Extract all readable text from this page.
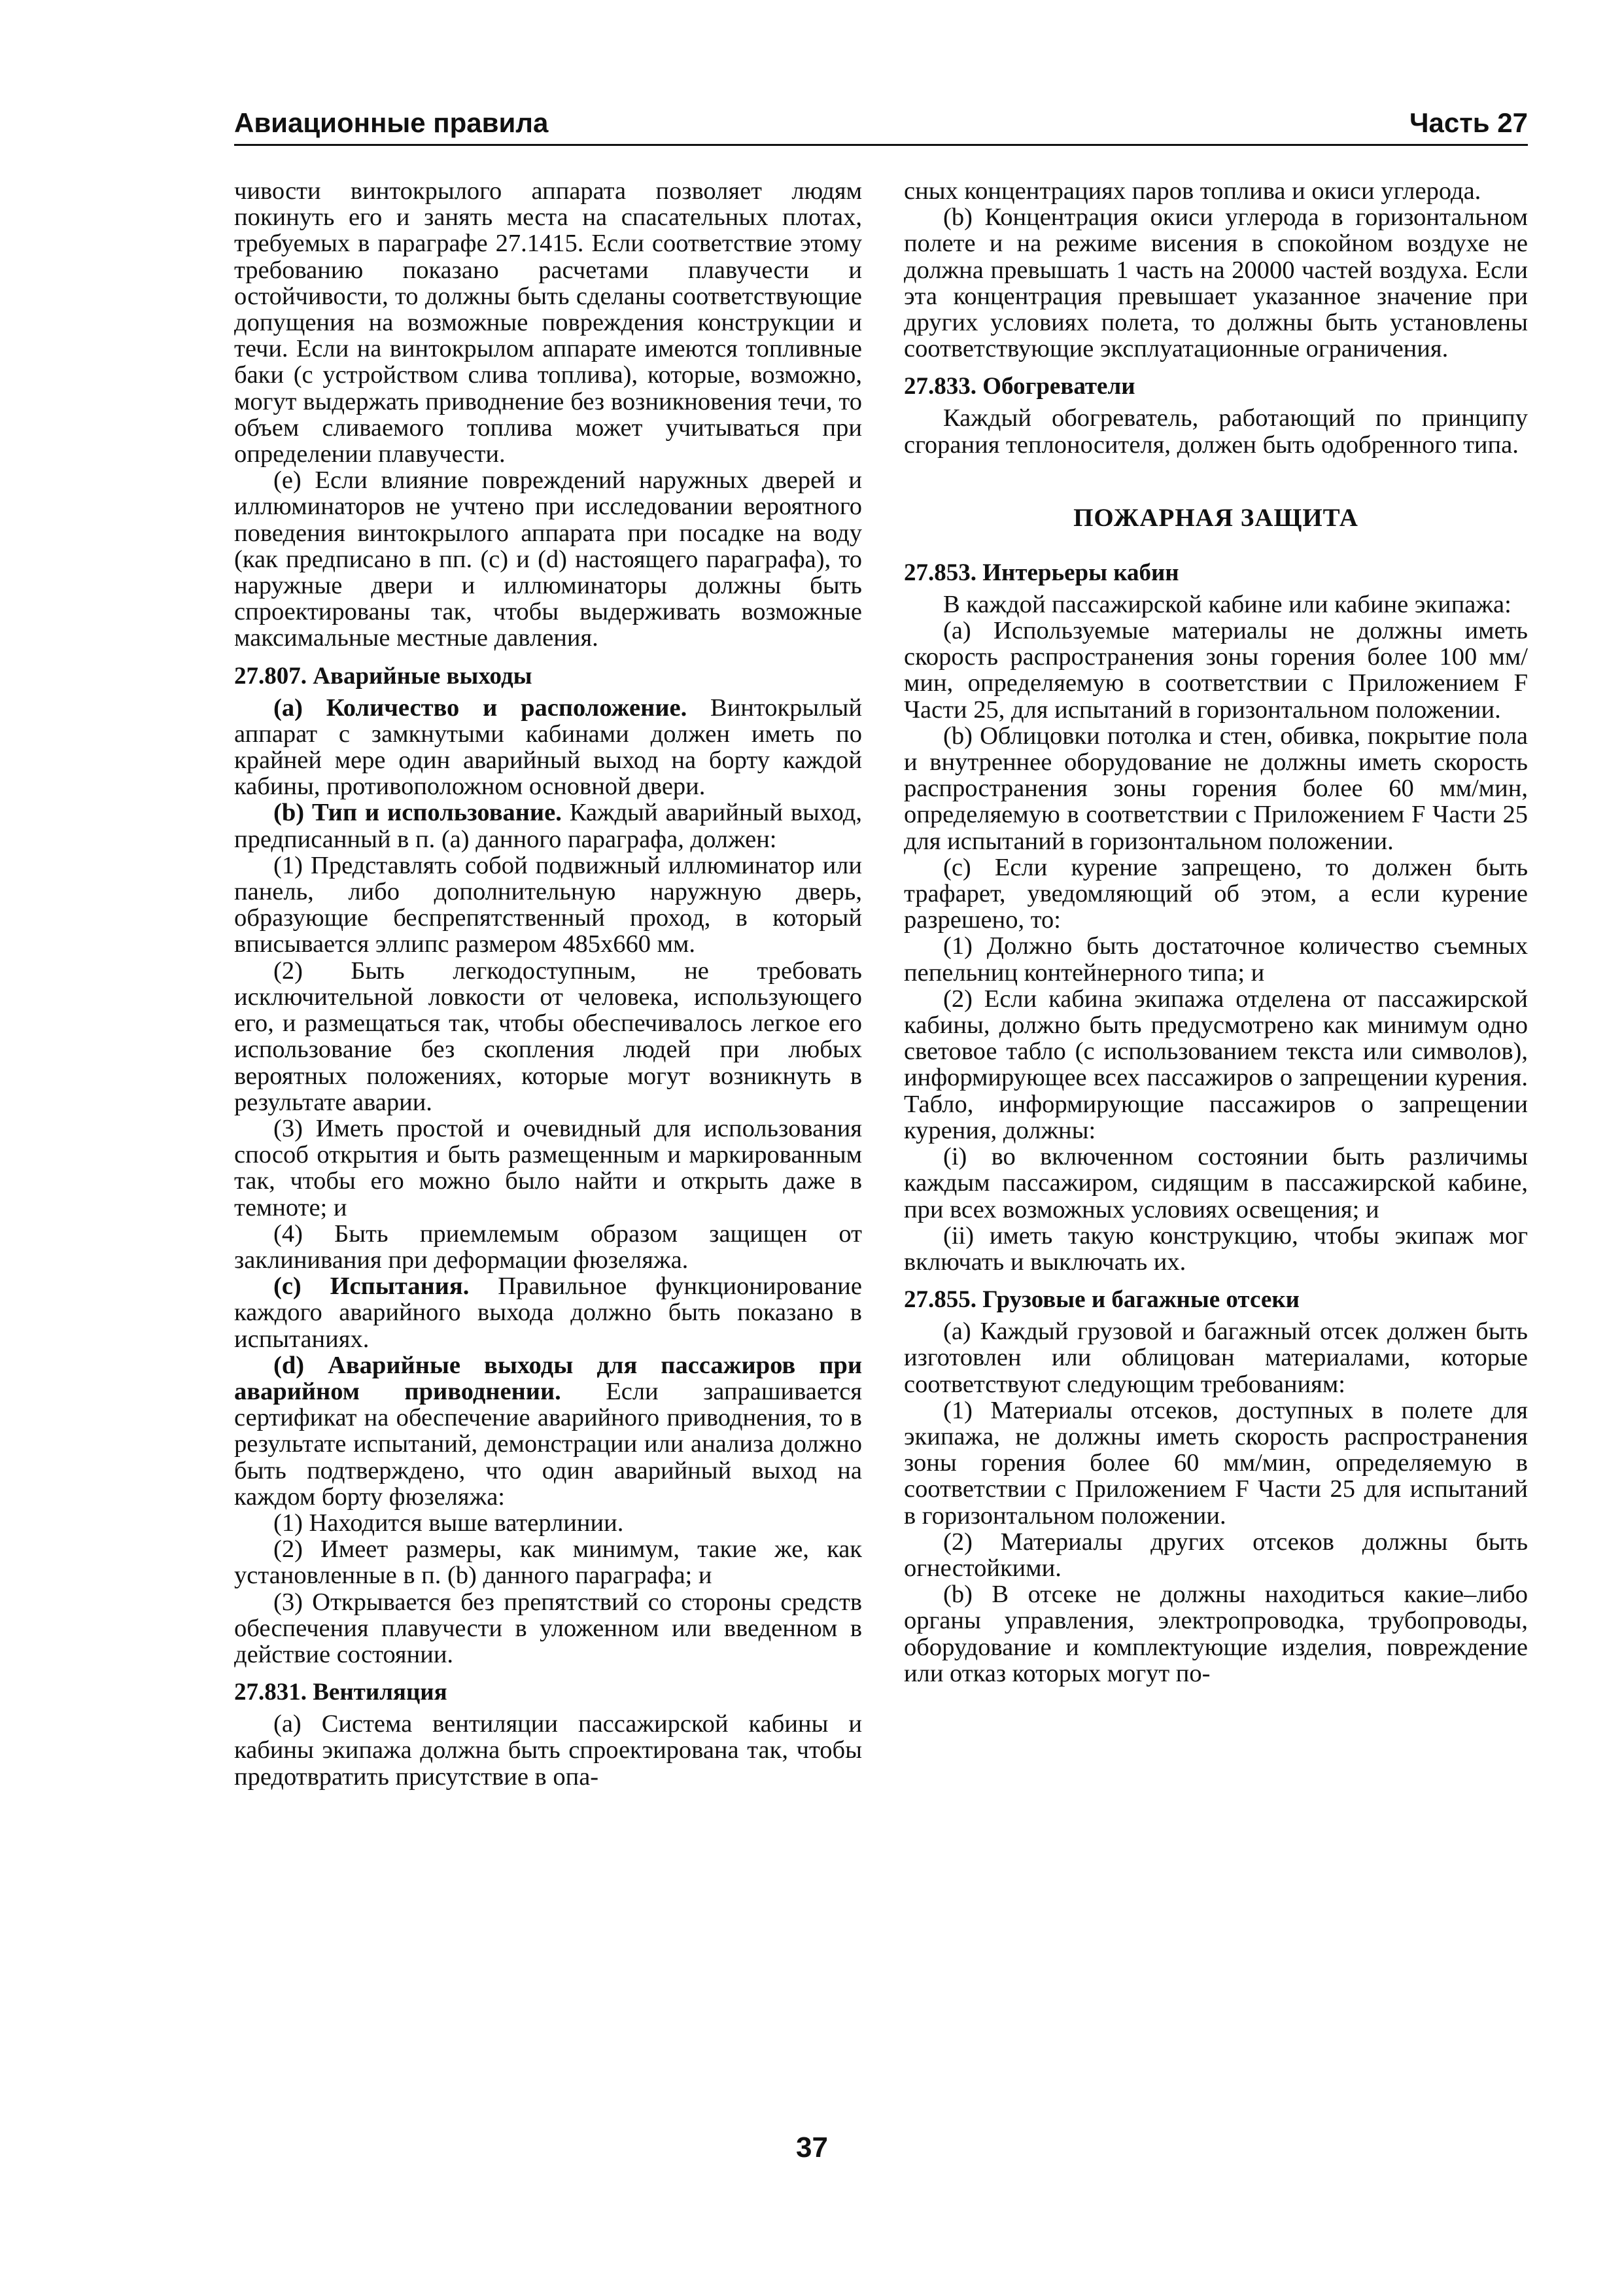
Авиационные правила	Часть 27

чивости винтокрылого аппарата позволяет людям покинуть его и занять места на спасательных плотах, требуемых в параграфе 27.1415. Если соответствие этому требованию показано расчетами плавучести и остойчивости, то должны быть сделаны соответствующие допущения на возможные повреждения конструкции и течи. Если на винтокрылом аппарате имеются топливные баки (с устройством слива топлива), которые, возможно, могут выдержать приводнение без возникновения течи, то объем сливаемого топлива может учитываться при определении плавучести.

(e) Если влияние повреждений наружных дверей и иллюминаторов не учтено при исследовании вероятного поведения винтокрылого аппарата при посадке на воду (как предписано в пп. (c) и (d) настоящего параграфа), то наружные двери и иллюминаторы должны быть спроектированы так, чтобы выдерживать возможные максимальные местные давления.

27.807. Аварийные выходы

(a) Количество и расположение. Винтокрылый аппарат с замкнутыми кабинами должен иметь по крайней мере один аварийный выход на борту каждой кабины, противоположном основной двери.

(b) Тип и использование. Каждый аварийный выход, предписанный в п. (a) данного параграфа, должен:

(1) Представлять собой подвижный иллюминатор или панель, либо дополнительную наружную дверь, образующие беспрепятственный проход, в который вписывается эллипс размером 485x660 мм.

(2) Быть легкодоступным, не требовать исключительной ловкости от человека, использующего его, и размещаться так, чтобы обеспечивалось легкое его использование без скопления людей при любых вероятных положениях, которые могут возникнуть в результате аварии.

(3) Иметь простой и очевидный для использования способ открытия и быть размещенным и маркированным так, чтобы его можно было найти и открыть даже в темноте; и

(4) Быть приемлемым образом защищен от заклинивания при деформации фюзеляжа.

(c) Испытания. Правильное функционирование каждого аварийного выхода должно быть показано в испытаниях.

(d) Аварийные выходы для пассажиров при аварийном приводнении. Если запрашивается сертификат на обеспечение аварийного приводнения, то в результате испытаний, демонстрации или анализа должно быть подтверждено, что один аварийный выход на каждом борту фюзеляжа:

(1) Находится выше ватерлинии.

(2) Имеет размеры, как минимум, такие же, как установленные в п. (b) данного параграфа; и

(3) Открывается без препятствий со стороны средств обеспечения плавучести в уложенном или введенном в действие состоянии.

27.831. Вентиляция

(a) Система вентиляции пассажирской кабины и кабины экипажа должна быть спроектирована так, чтобы предотвратить присутствие в опа-

сных концентрациях паров топлива и окиси углерода.

(b) Концентрация окиси углерода в горизонтальном полете и на режиме висения в спокойном воздухе не должна превышать 1 часть на 20000 частей воздуха. Если эта концентрация превышает указанное значение при других условиях полета, то должны быть установлены соответствующие эксплуатационные ограничения.

27.833. Обогреватели

Каждый обогреватель, работающий по принципу сгорания теплоносителя, должен быть одобренного типа.

ПОЖАРНАЯ ЗАЩИТА
27.853. Интерьеры кабин

В каждой пассажирской кабине или кабине экипажа:

(a) Используемые материалы не должны иметь скорость распространения зоны горения более 100 мм/мин, определяемую в соответствии с Приложением F Части 25, для испытаний в горизонтальном положении.

(b) Облицовки потолка и стен, обивка, покрытие пола и внутреннее оборудование не должны иметь скорость распространения зоны горения более 60 мм/мин, определяемую в соответствии с Приложением F Части 25 для испытаний в горизонтальном положении.

(c) Если курение запрещено, то должен быть трафарет, уведомляющий об этом, а если курение разрешено, то:

(1) Должно быть достаточное количество съемных пепельниц контейнерного типа; и

(2) Если кабина экипажа отделена от пассажирской кабины, должно быть предусмотрено как минимум одно световое табло (с использованием текста или символов), информирующее всех пассажиров о запрещении курения. Табло, информирующие пассажиров о запрещении курения, должны:

(i) во включенном состоянии быть различимы каждым пассажиром, сидящим в пассажирской кабине, при всех возможных условиях освещения; и

(ii) иметь такую конструкцию, чтобы экипаж мог включать и выключать их.

27.855. Грузовые и багажные отсеки

(a) Каждый грузовой и багажный отсек должен быть изготовлен или облицован материалами, которые соответствуют следующим требованиям:

(1) Материалы отсеков, доступных в полете для экипажа, не должны иметь скорость распространения зоны горения более 60 мм/мин, определяемую в соответствии с Приложением F Части 25 для испытаний в горизонтальном положении.

(2) Материалы других отсеков должны быть огнестойкими.

(b) В отсеке не должны находиться какие–либо органы управления, электропроводка, трубопроводы, оборудование и комплектующие изделия, повреждение или отказ которых могут по-

37
